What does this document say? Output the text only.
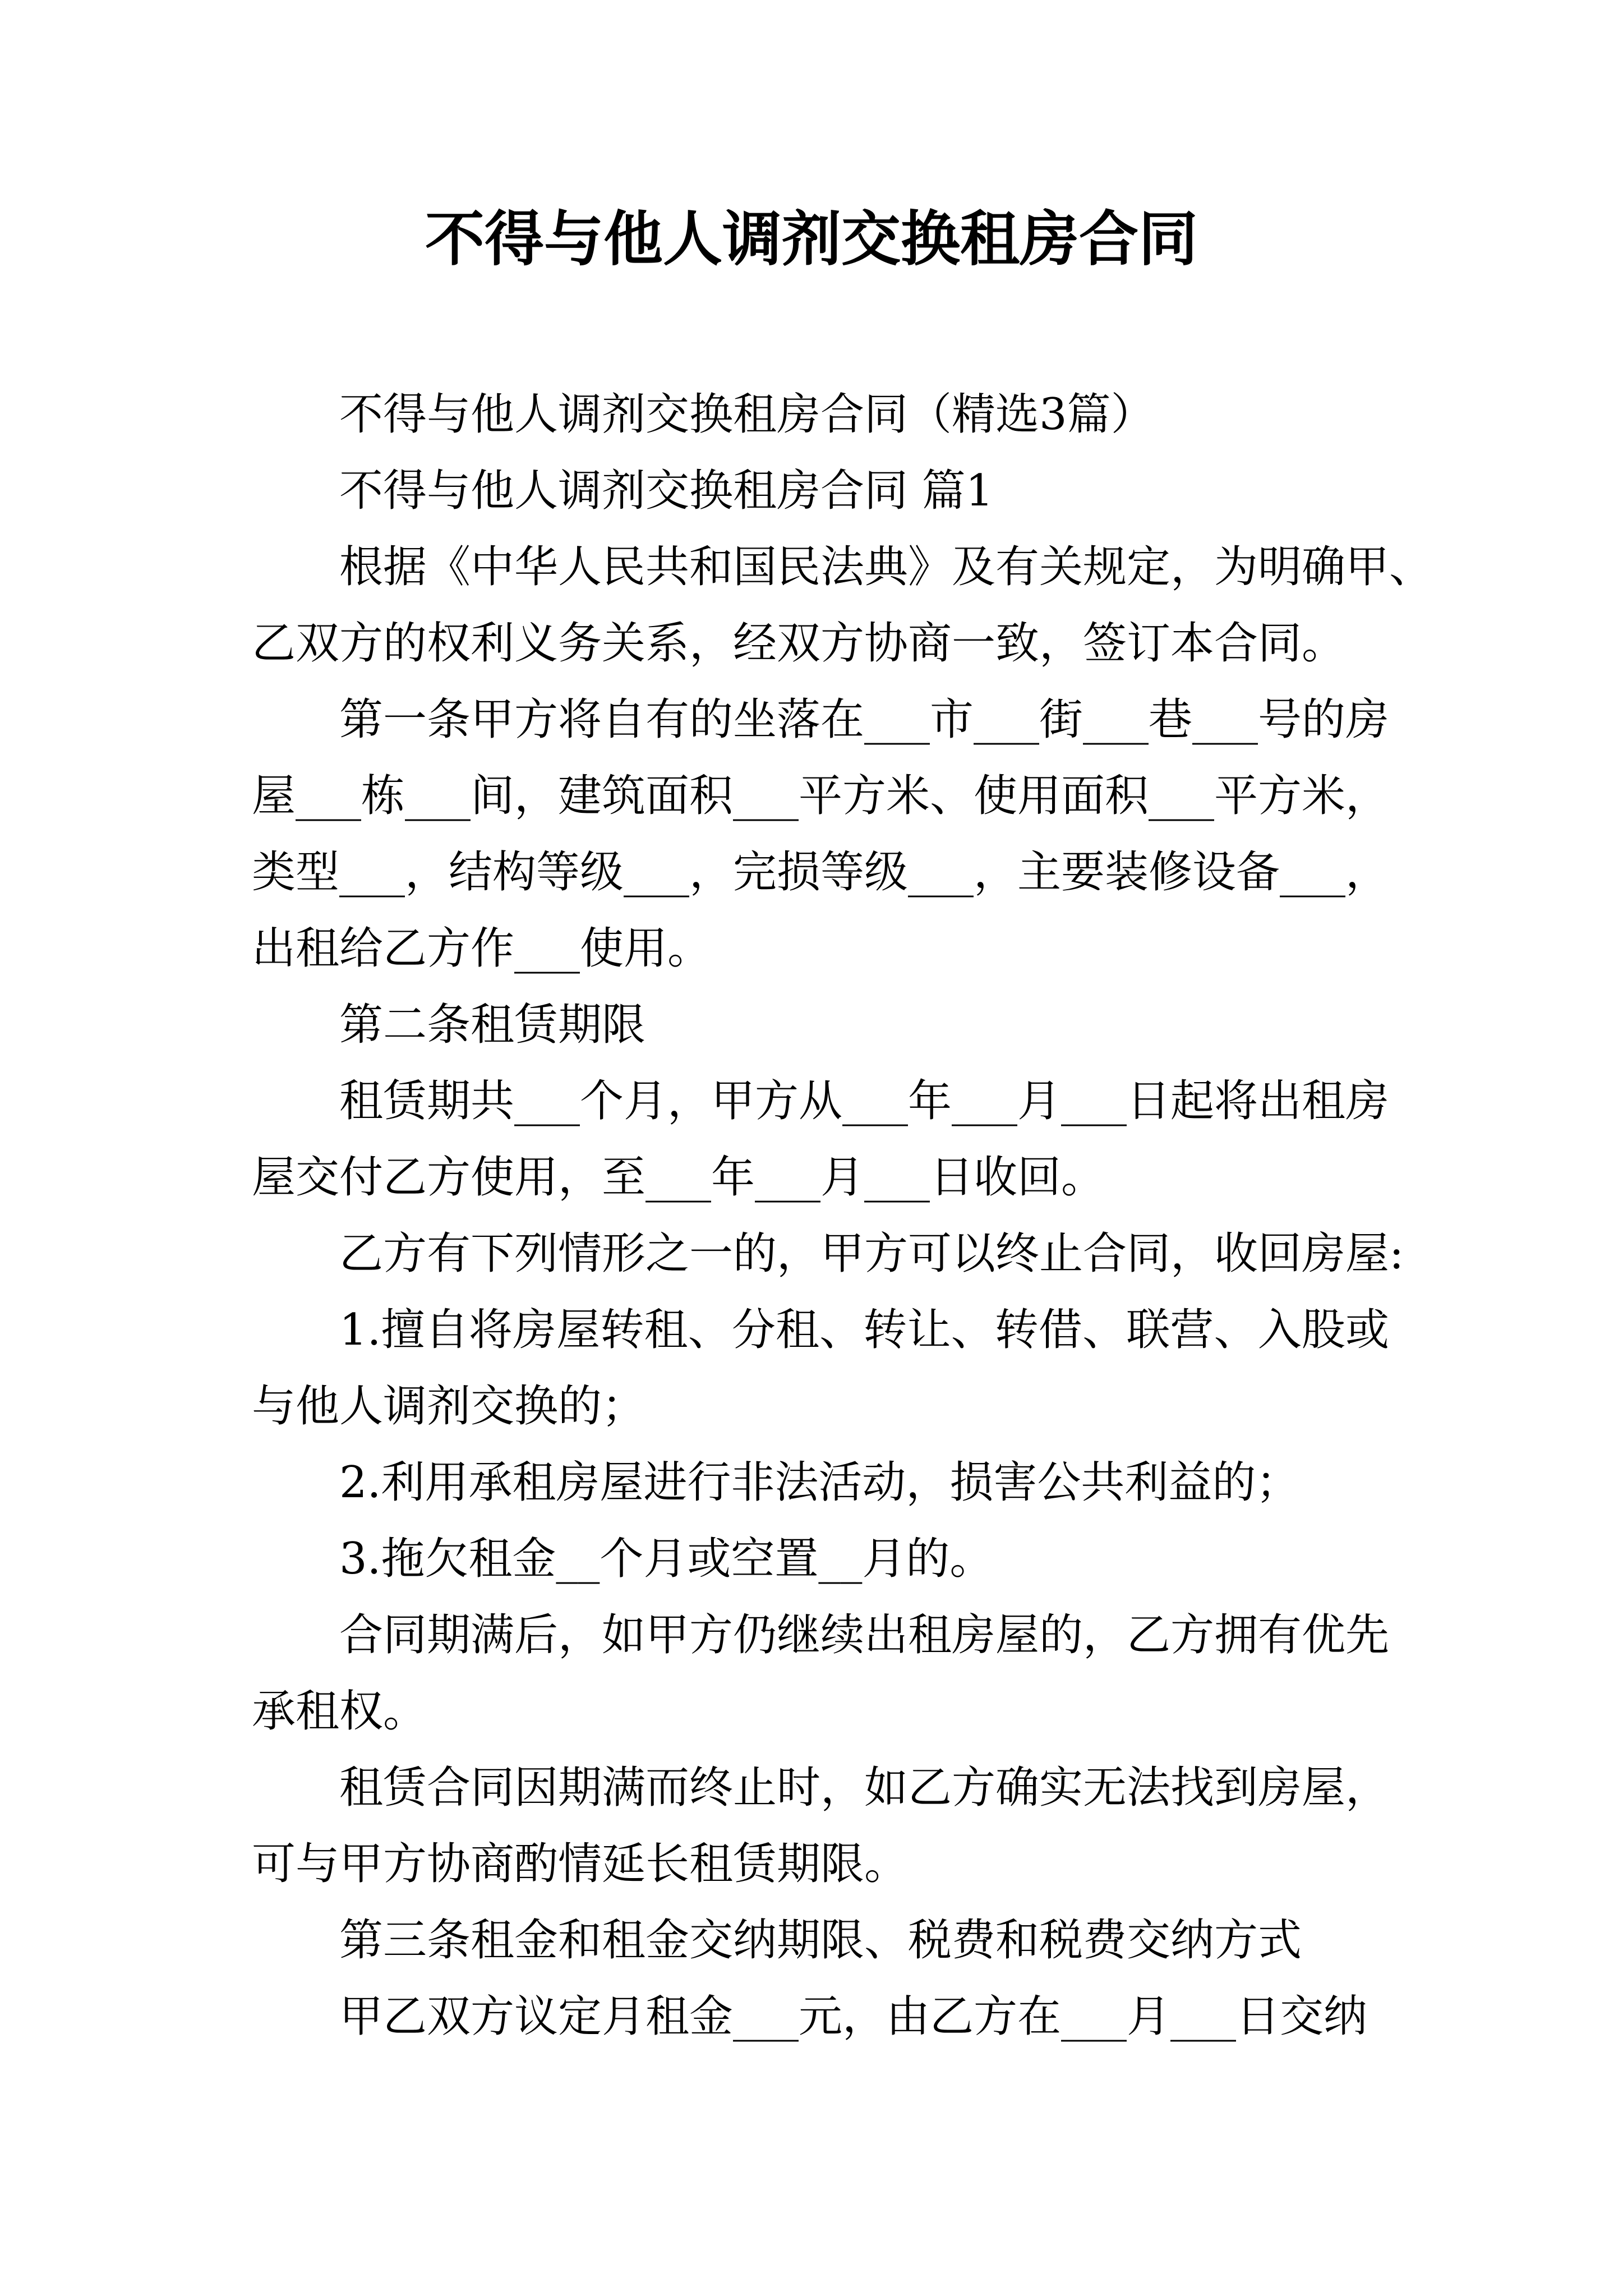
不得与他人调剂交换租房合同
不得与他人调剂交换租房合同（精选3篇）
不得与他人调剂交换租房合同 篇1
根据《中华人民共和国民法典》及有关规定，为明确甲、
乙双方的权利义务关系，经双方协商一致，签订本合同。
第一条甲方将自有的坐落在___市___街___巷___号的房
屋___栋___间，建筑面积___平方米、使用面积___平方米，
类型___，结构等级___，完损等级___，主要装修设备___，
出租给乙方作___使用。
第二条租赁期限
租赁期共___个月，甲方从___年___月___日起将出租房
屋交付乙方使用，至___年___月___日收回。
乙方有下列情形之一的，甲方可以终止合同，收回房屋:
1.擅自将房屋转租、分租、转让、转借、联营、入股或
与他人调剂交换的；
2.利用承租房屋进行非法活动，损害公共利益的；
3.拖欠租金__个月或空置__月的。
合同期满后，如甲方仍继续出租房屋的，乙方拥有优先
承租权。
租赁合同因期满而终止时，如乙方确实无法找到房屋，
可与甲方协商酌情延长租赁期限。
第三条租金和租金交纳期限、税费和税费交纳方式
甲乙双方议定月租金___元，由乙方在___月___日交纳
